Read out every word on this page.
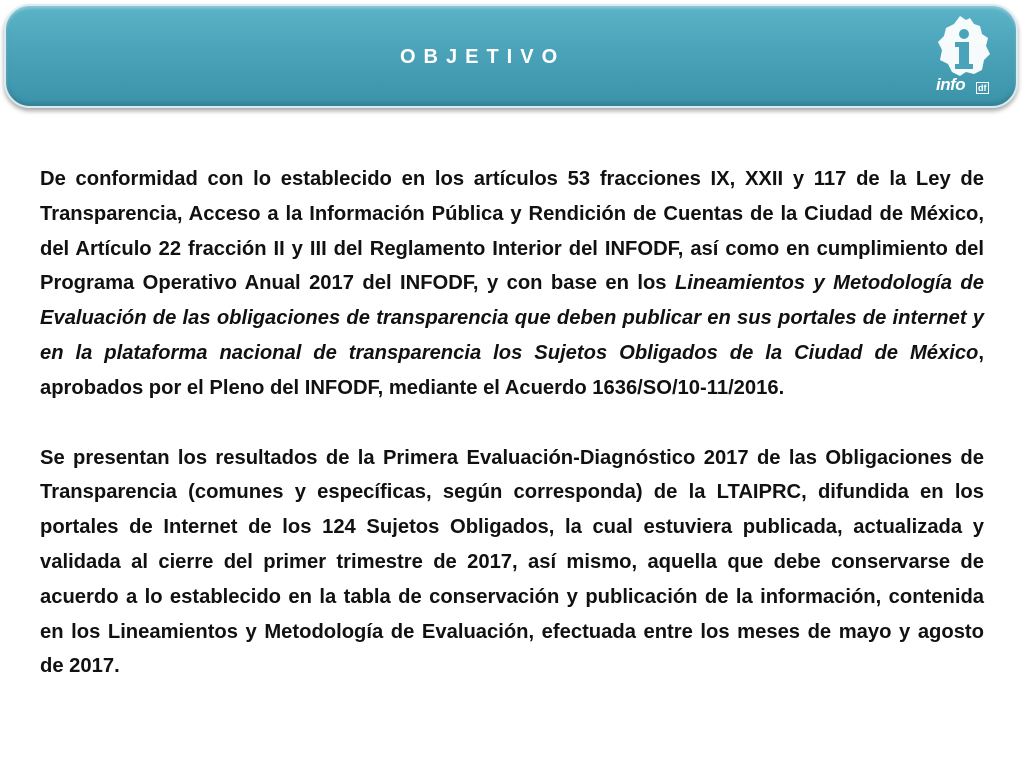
OBJETIVO
info df

De conformidad con lo establecido en los artículos 53 fracciones IX, XXII y 117 de la Ley de Transparencia, Acceso a la Información Pública y Rendición de Cuentas de la Ciudad de México, del Artículo 22 fracción II y III del Reglamento Interior del INFODF, así como en cumplimiento del Programa Operativo Anual 2017 del INFODF, y con base en los Lineamientos y Metodología de Evaluación de las obligaciones de transparencia que deben publicar en sus portales de internet y en la plataforma nacional de transparencia los Sujetos Obligados de la Ciudad de México, aprobados por el Pleno del INFODF, mediante el Acuerdo 1636/SO/10-11/2016.

Se presentan los resultados de la Primera Evaluación-Diagnóstico 2017 de las Obligaciones de Transparencia (comunes y específicas, según corresponda) de la LTAIPRC, difundida en los portales de Internet de los 124 Sujetos Obligados, la cual estuviera publicada, actualizada y validada al cierre del primer trimestre de 2017, así mismo, aquella que debe conservarse de acuerdo a lo establecido en la tabla de conservación y publicación de la información, contenida en los Lineamientos y Metodología de Evaluación, efectuada entre los meses de mayo y agosto de 2017.
